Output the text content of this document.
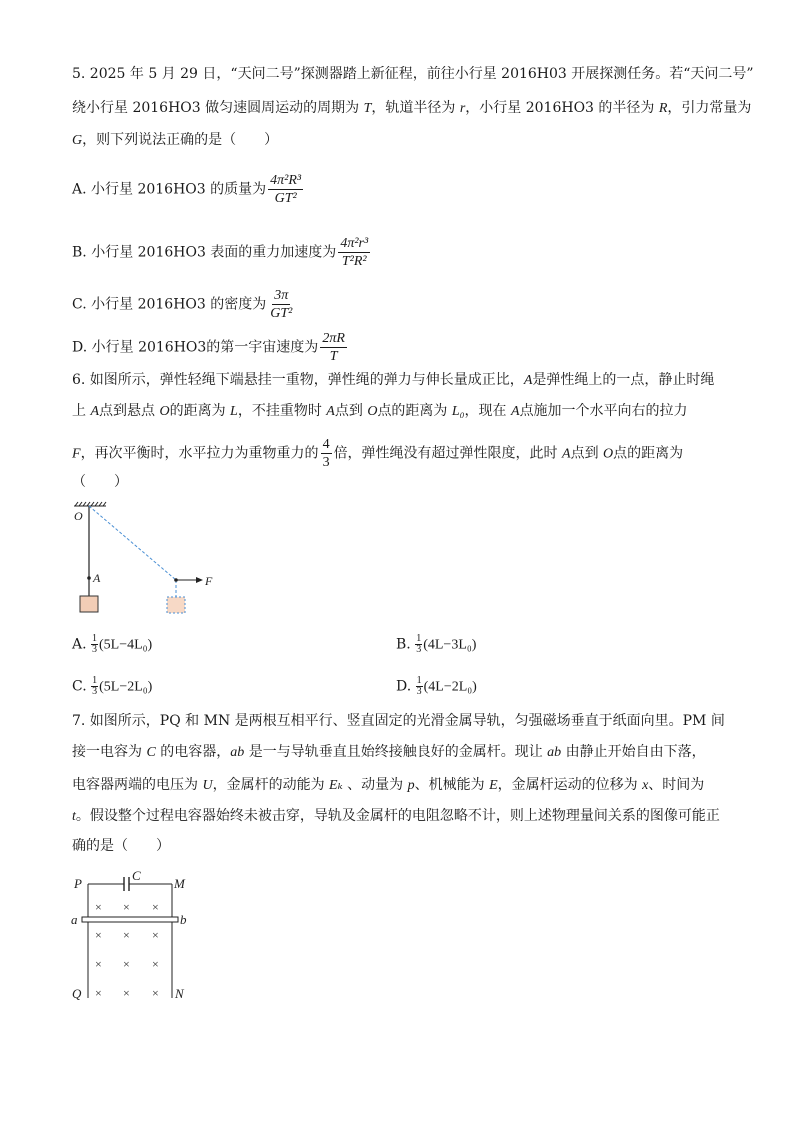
5. 2025 年 5 月 29 日，“天问二号”探测器踏上新征程，前往小行星 2016H03 开展探测任务。若“天问二号”
绕小行星 2016HO3 做匀速圆周运动的周期为 T，轨道半径为 r，小行星 2016HO3 的半径为 R，引力常量为
G，则下列说法正确的是（　　）
A. 小行星 2016HO3 的质量为 $\frac{\text{4π²R³}}{\text{GT²}}$
B. 小行星 2016HO3 表面的重力加速度为 $\frac{\text{4π²r³}}{\text{T²R²}}$
C. 小行星 2016HO3 的密度为 $\frac{3\pi}{\text{GT²}}$
D. 小行星 2016HO3的第一宇宙速度为 $\frac{2\pi R}{T}$
6. 如图所示，弹性轻绳下端悬挂一重物，弹性绳的弹力与伸长量成正比，A是弹性绳上的一点，静止时绳
上 A点到悬点 O的距离为 L，不挂重物时 A点到 O点的距离为 L₀，现在 A点施加一个水平向右的拉力
F，再次平衡时，水平拉力为重物重力的 $\frac{4}{3}$ 倍，弹性绳没有超过弹性限度，此时 A点到 O点的距离为
（　　）
O
A	F
A. $\frac{1}{3} (5L-4L_0)$	B. $\frac{1}{3} (4L-3L_0)$
C. $\frac{1}{3} (5L-2L_0)$	D. $\frac{1}{3} (4L-2L_0)$
7. 如图所示，PQ 和 MN 是两根互相平行、竖直固定的光滑金属导轨，匀强磁场垂直于纸面向里。PM 间
接一电容为 C 的电容器，ab 是一与导轨垂直且始终接触良好的金属杆。现让 ab 由静止开始自由下落，
电容器两端的电压为 U，金属杆的动能为 Eₖ 、动量为 p、机械能为 E，金属杆运动的位移为 x、时间为
t。假设整个过程电容器始终未被击穿，导轨及金属杆的电阻忽略不计，则上述物理量间关系的图像可能正
确的是（　　）
P
C
M
a	b
Q	N
× × ×
× × ×
× × ×
× × ×
